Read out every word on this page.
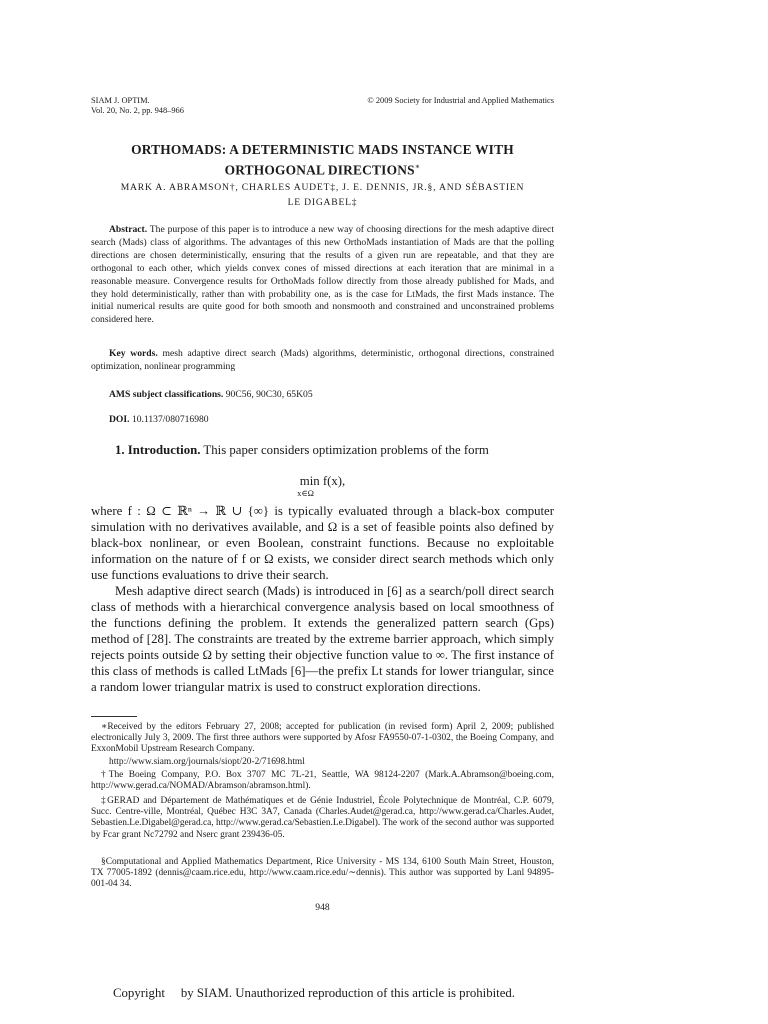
SIAM J. OPTIM.
Vol. 20, No. 2, pp. 948–966
© 2009 Society for Industrial and Applied Mathematics
ORTHOMADS: A DETERMINISTIC MADS INSTANCE WITH
ORTHOGONAL DIRECTIONS∗
MARK A. ABRAMSON†, CHARLES AUDET‡, J. E. DENNIS, JR.§, AND SÉBASTIEN
LE DIGABEL‡
Abstract. The purpose of this paper is to introduce a new way of choosing directions for the mesh adaptive direct search (Mads) class of algorithms. The advantages of this new OrthoMads instantiation of Mads are that the polling directions are chosen deterministically, ensuring that the results of a given run are repeatable, and that they are orthogonal to each other, which yields convex cones of missed directions at each iteration that are minimal in a reasonable measure. Convergence results for OrthoMads follow directly from those already published for Mads, and they hold deterministically, rather than with probability one, as is the case for LtMads, the first Mads instance. The initial numerical results are quite good for both smooth and nonsmooth and constrained and unconstrained problems considered here.
Key words. mesh adaptive direct search (Mads) algorithms, deterministic, orthogonal directions, constrained optimization, nonlinear programming
AMS subject classifications. 90C56, 90C30, 65K05
DOI. 10.1137/080716980
1. Introduction. This paper considers optimization problems of the form
min f(x),
x∈Ω
where f : Ω ⊂ ℝⁿ → ℝ ∪ {∞} is typically evaluated through a black-box computer simulation with no derivatives available, and Ω is a set of feasible points also defined by black-box nonlinear, or even Boolean, constraint functions. Because no exploitable information on the nature of f or Ω exists, we consider direct search methods which only use functions evaluations to drive their search.
Mesh adaptive direct search (Mads) is introduced in [6] as a search/poll direct search class of methods with a hierarchical convergence analysis based on local smoothness of the functions defining the problem. It extends the generalized pattern search (Gps) method of [28]. The constraints are treated by the extreme barrier approach, which simply rejects points outside Ω by setting their objective function value to ∞. The first instance of this class of methods is called LtMads [6]—the prefix Lt stands for lower triangular, since a random lower triangular matrix is used to construct exploration directions.
∗Received by the editors February 27, 2008; accepted for publication (in revised form) April 2, 2009; published electronically July 3, 2009. The first three authors were supported by Afosr FA9550-07-1-0302, the Boeing Company, and ExxonMobil Upstream Research Company.
http://www.siam.org/journals/siopt/20-2/71698.html
†The Boeing Company, P.O. Box 3707 MC 7L-21, Seattle, WA 98124-2207 (Mark.A.Abramson@boeing.com, http://www.gerad.ca/NOMAD/Abramson/abramson.html).
‡GERAD and Département de Mathématiques et de Génie Industriel, École Polytechnique de Montréal, C.P. 6079, Succ. Centre-ville, Montréal, Québec H3C 3A7, Canada (Charles.Audet@gerad.ca, http://www.gerad.ca/Charles.Audet, Sebastien.Le.Digabel@gerad.ca, http://www.gerad.ca/Sebastien.Le.Digabel). The work of the second author was supported by Fcar grant Nc72792 and Nserc grant 239436-05.
§Computational and Applied Mathematics Department, Rice University - MS 134, 6100 South Main Street, Houston, TX 77005-1892 (dennis@caam.rice.edu, http://www.caam.rice.edu/∼dennis). This author was supported by Lanl 94895-001-04 34.
948
Copyright by SIAM. Unauthorized reproduction of this article is prohibited.
